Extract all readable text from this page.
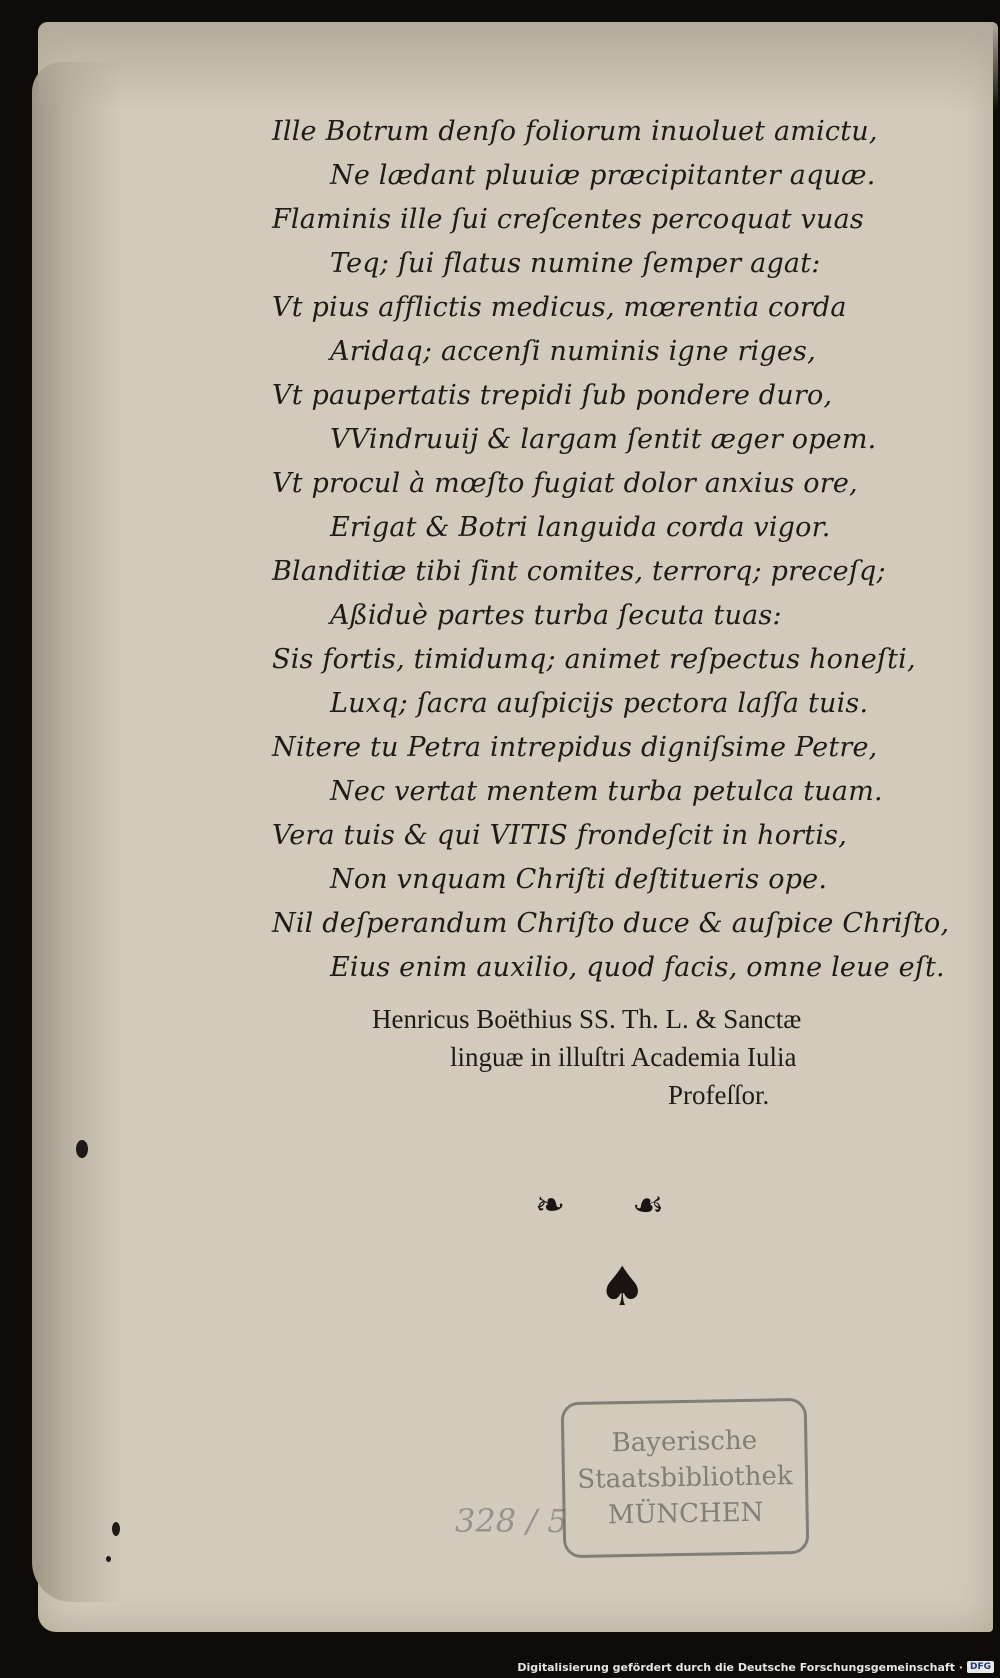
Ille Botrum denſo foliorum inuoluet amictu,
Ne lædant pluuiæ præcipitanter aquæ.
Flaminis ille ſui creſcentes percoquat vuas
Teq; ſui flatus numine ſemper agat:
Vt pius afflictis medicus, mœrentia corda
Aridaq; accenſi numinis igne riges,
Vt paupertatis trepidi ſub pondere duro,
VVindruuij & largam ſentit æger opem.
Vt procul à mœſto fugiat dolor anxius ore,
Erigat & Botri languida corda vigor.
Blanditiæ tibi ſint comites, terrorq; preceſq;
Aßiduè partes turba ſecuta tuas:
Sis fortis, timidumq; animet reſpectus honeſti,
Luxq; ſacra auſpicijs pectora laſſa tuis.
Nitere tu Petra intrepidus digniſsime Petre,
Nec vertat mentem turba petulca tuam.
Vera tuis & qui VITIS frondeſcit in hortis,
Non vnquam Chriſti deſtitueris ope.
Nil deſperandum Chriſto duce & auſpice Chriſto,
Eius enim auxilio, quod facis, omne leue eſt.
Henricus Boëthius SS. Th. L. & Sanctæ
linguæ in illuſtri Academia Iulia
Profeſſor.
❧ ☙
♠
328 / 5
Bayerische
Staatsbibliothek
MÜNCHEN
Digitalisierung gefördert durch die Deutsche Forschungsgemeinschaft · DFG
